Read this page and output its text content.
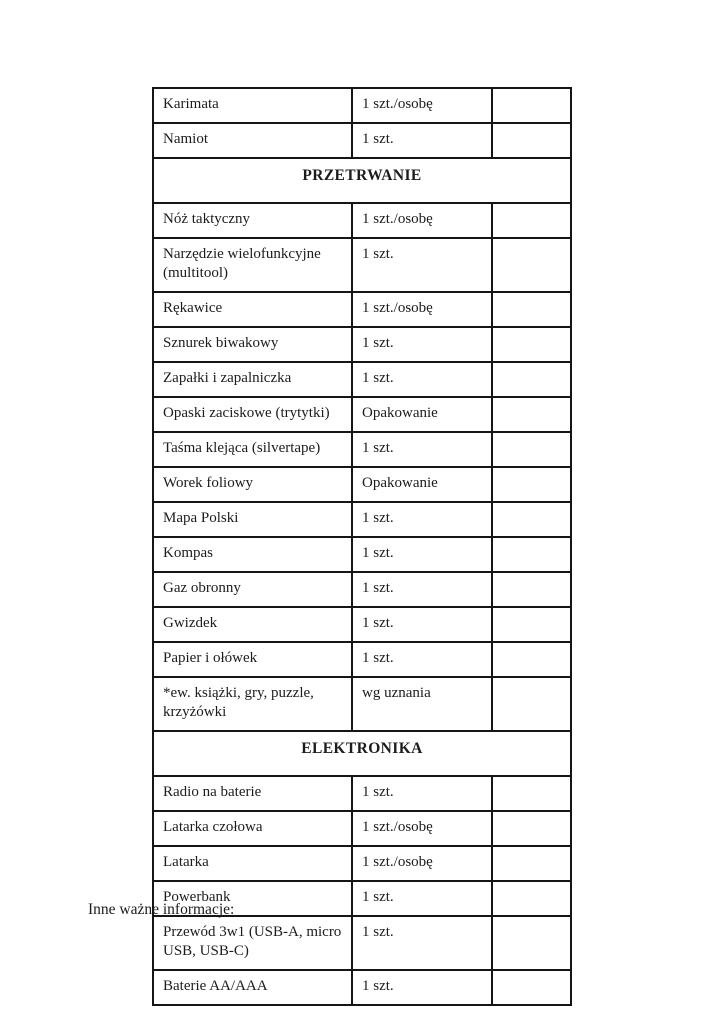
Karimata	1 szt./osobę	
Namiot	1 szt.	
PRZETRWANIE		
Nóż taktyczny	1 szt./osobę	
Narzędzie wielofunkcyjne (multitool)	1 szt.	
Rękawice	1 szt./osobę	
Sznurek biwakowy	1 szt.	
Zapałki i zapalniczka	1 szt.	
Opaski zaciskowe (trytytki)	Opakowanie	
Taśma klejąca (silvertape)	1 szt.	
Worek foliowy	Opakowanie	
Mapa Polski	1 szt.	
Kompas	1 szt.	
Gaz obronny	1 szt.	
Gwizdek	1 szt.	
Papier i ołówek	1 szt.	
*ew. książki, gry, puzzle, krzyżówki	wg uznania	
ELEKTRONIKA		
Radio na baterie	1 szt.	
Latarka czołowa	1 szt./osobę	
Latarka	1 szt./osobę	
Powerbank	1 szt.	
Przewód 3w1 (USB-A, micro USB, USB-C)	1 szt.	
Baterie AA/AAA	1 szt.	
Inne ważne informacje:
